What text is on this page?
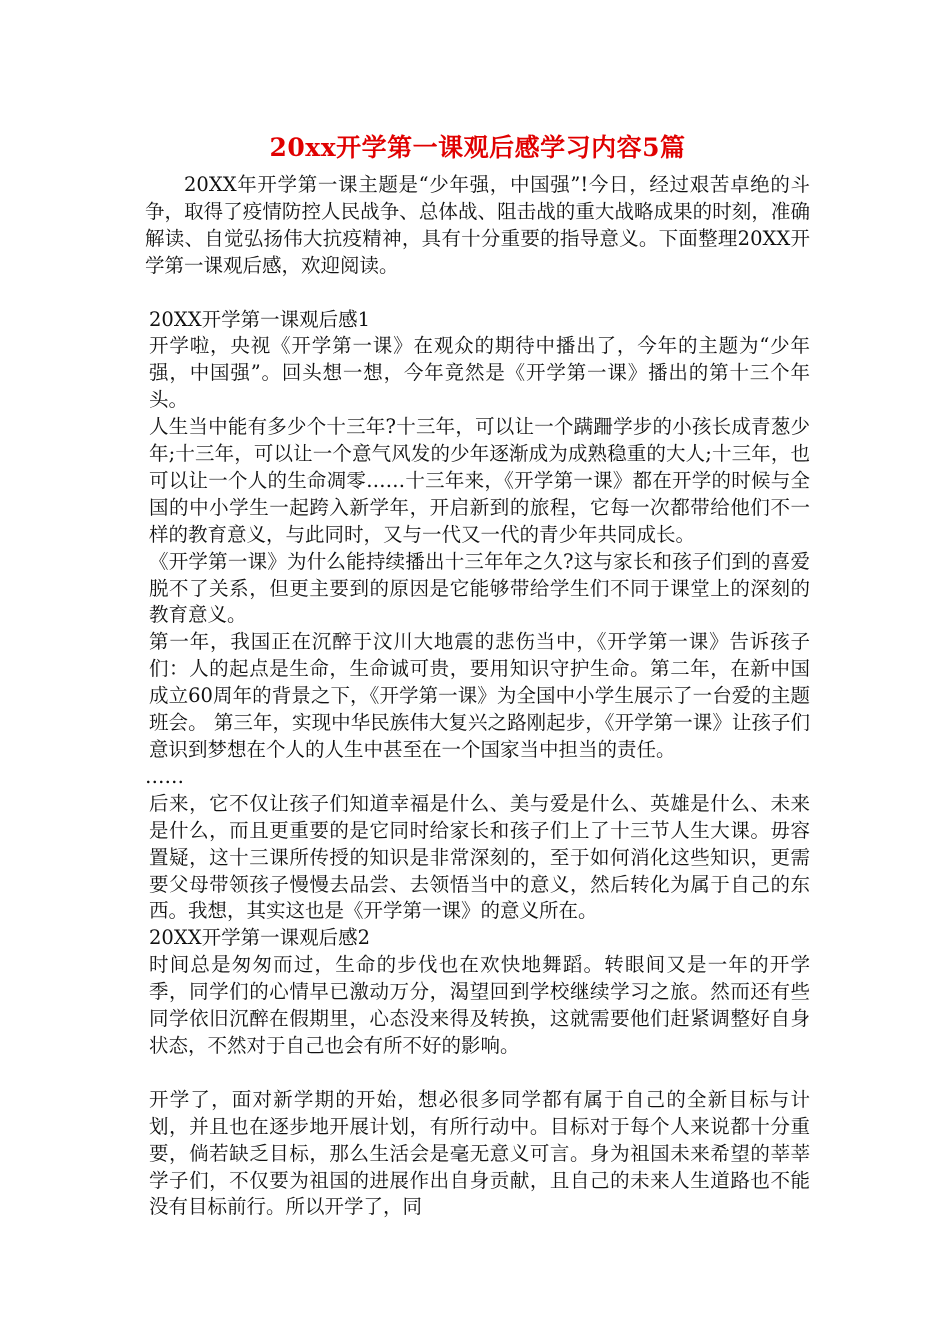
20xx开学第一课观后感学习内容5篇

20XX年开学第一课主题是“少年强，中国强”!今日，经过艰苦卓绝的斗争，取得了疫情防控人民战争、总体战、阻击战的重大战略成果的时刻，准确解读、自觉弘扬伟大抗疫精神，具有十分重要的指导意义。下面整理20XX开学第一课观后感，欢迎阅读。

20XX开学第一课观后感1

开学啦，央视《开学第一课》在观众的期待中播出了，今年的主题为“少年强，中国强”。回头想一想，今年竟然是《开学第一课》播出的第十三个年头。

人生当中能有多少个十三年?十三年，可以让一个蹒跚学步的小孩长成青葱少年;十三年，可以让一个意气风发的少年逐渐成为成熟稳重的大人;十三年，也可以让一个人的生命凋零……十三年来，《开学第一课》都在开学的时候与全国的中小学生一起跨入新学年，开启新到的旅程，它每一次都带给他们不一样的教育意义，与此同时，又与一代又一代的青少年共同成长。

《开学第一课》为什么能持续播出十三年年之久?这与家长和孩子们到的喜爱脱不了关系，但更主要到的原因是它能够带给学生们不同于课堂上的深刻的教育意义。

第一年，我国正在沉醉于汶川大地震的悲伤当中，《开学第一课》告诉孩子们：人的起点是生命，生命诚可贵，要用知识守护生命。第二年，在新中国成立60周年的背景之下，《开学第一课》为全国中小学生展示了一台爱的主题班会。 第三年，实现中华民族伟大复兴之路刚起步，《开学第一课》让孩子们意识到梦想在个人的人生中甚至在一个国家当中担当的责任。

……

后来，它不仅让孩子们知道幸福是什么、美与爱是什么、英雄是什么、未来是什么，而且更重要的是它同时给家长和孩子们上了十三节人生大课。毋容置疑，这十三课所传授的知识是非常深刻的，至于如何消化这些知识，更需要父母带领孩子慢慢去品尝、去领悟当中的意义，然后转化为属于自己的东西。我想，其实这也是《开学第一课》的意义所在。

20XX开学第一课观后感2

时间总是匆匆而过，生命的步伐也在欢快地舞蹈。转眼间又是一年的开学季，同学们的心情早已激动万分，渴望回到学校继续学习之旅。然而还有些同学依旧沉醉在假期里，心态没来得及转换，这就需要他们赶紧调整好自身状态，不然对于自己也会有所不好的影响。

开学了，面对新学期的开始，想必很多同学都有属于自己的全新目标与计划，并且也在逐步地开展计划，有所行动中。目标对于每个人来说都十分重要，倘若缺乏目标，那么生活会是毫无意义可言。身为祖国未来希望的莘莘学子们，不仅要为祖国的进展作出自身贡献，且自己的未来人生道路也不能没有目标前行。所以开学了，同
